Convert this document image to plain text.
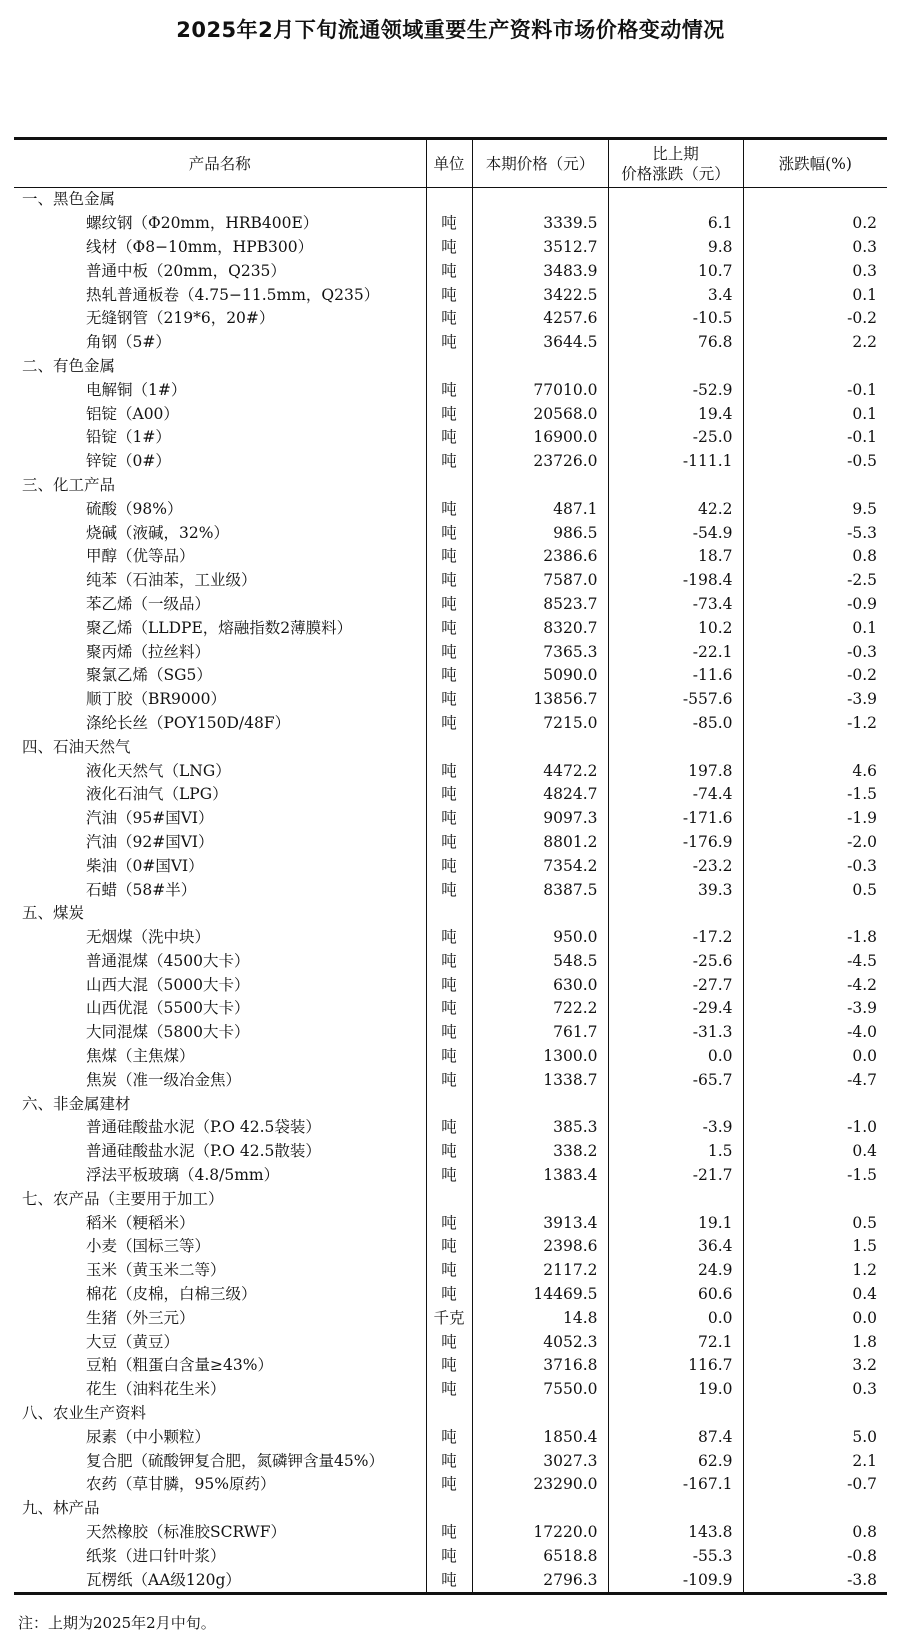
2025年2月下旬流通领域重要生产资料市场价格变动情况
产品名称	单位	本期价格（元）	比上期
价格涨跌（元）	涨跌幅(%)
一、黑色金属				
螺纹钢（Φ20mm，HRB400E）	吨	3339.5	6.1	0.2
线材（Φ8−10mm，HPB300）	吨	3512.7	9.8	0.3
普通中板（20mm，Q235）	吨	3483.9	10.7	0.3
热轧普通板卷（4.75−11.5mm，Q235）	吨	3422.5	3.4	0.1
无缝钢管（219*6，20#）	吨	4257.6	-10.5	-0.2
角钢（5#）	吨	3644.5	76.8	2.2
二、有色金属				
电解铜（1#）	吨	77010.0	-52.9	-0.1
铝锭（A00）	吨	20568.0	19.4	0.1
铅锭（1#）	吨	16900.0	-25.0	-0.1
锌锭（0#）	吨	23726.0	-111.1	-0.5
三、化工产品				
硫酸（98%）	吨	487.1	42.2	9.5
烧碱（液碱，32%）	吨	986.5	-54.9	-5.3
甲醇（优等品）	吨	2386.6	18.7	0.8
纯苯（石油苯，工业级）	吨	7587.0	-198.4	-2.5
苯乙烯（一级品）	吨	8523.7	-73.4	-0.9
聚乙烯（LLDPE，熔融指数2薄膜料）	吨	8320.7	10.2	0.1
聚丙烯（拉丝料）	吨	7365.3	-22.1	-0.3
聚氯乙烯（SG5）	吨	5090.0	-11.6	-0.2
顺丁胶（BR9000）	吨	13856.7	-557.6	-3.9
涤纶长丝（POY150D/48F）	吨	7215.0	-85.0	-1.2
四、石油天然气				
液化天然气（LNG）	吨	4472.2	197.8	4.6
液化石油气（LPG）	吨	4824.7	-74.4	-1.5
汽油（95#国VI）	吨	9097.3	-171.6	-1.9
汽油（92#国VI）	吨	8801.2	-176.9	-2.0
柴油（0#国VI）	吨	7354.2	-23.2	-0.3
石蜡（58#半）	吨	8387.5	39.3	0.5
五、煤炭				
无烟煤（洗中块）	吨	950.0	-17.2	-1.8
普通混煤（4500大卡）	吨	548.5	-25.6	-4.5
山西大混（5000大卡）	吨	630.0	-27.7	-4.2
山西优混（5500大卡）	吨	722.2	-29.4	-3.9
大同混煤（5800大卡）	吨	761.7	-31.3	-4.0
焦煤（主焦煤）	吨	1300.0	0.0	0.0
焦炭（准一级冶金焦）	吨	1338.7	-65.7	-4.7
六、非金属建材				
普通硅酸盐水泥（P.O 42.5袋装）	吨	385.3	-3.9	-1.0
普通硅酸盐水泥（P.O 42.5散装）	吨	338.2	1.5	0.4
浮法平板玻璃（4.8/5mm）	吨	1383.4	-21.7	-1.5
七、农产品（主要用于加工）				
稻米（粳稻米）	吨	3913.4	19.1	0.5
小麦（国标三等）	吨	2398.6	36.4	1.5
玉米（黄玉米二等）	吨	2117.2	24.9	1.2
棉花（皮棉，白棉三级）	吨	14469.5	60.6	0.4
生猪（外三元）	千克	14.8	0.0	0.0
大豆（黄豆）	吨	4052.3	72.1	1.8
豆粕（粗蛋白含量≥43%）	吨	3716.8	116.7	3.2
花生（油料花生米）	吨	7550.0	19.0	0.3
八、农业生产资料				
尿素（中小颗粒）	吨	1850.4	87.4	5.0
复合肥（硫酸钾复合肥，氮磷钾含量45%）	吨	3027.3	62.9	2.1
农药（草甘膦，95%原药）	吨	23290.0	-167.1	-0.7
九、林产品				
天然橡胶（标准胶SCRWF）	吨	17220.0	143.8	0.8
纸浆（进口针叶浆）	吨	6518.8	-55.3	-0.8
瓦楞纸（AA级120g）	吨	2796.3	-109.9	-3.8
注：上期为2025年2月中旬。
